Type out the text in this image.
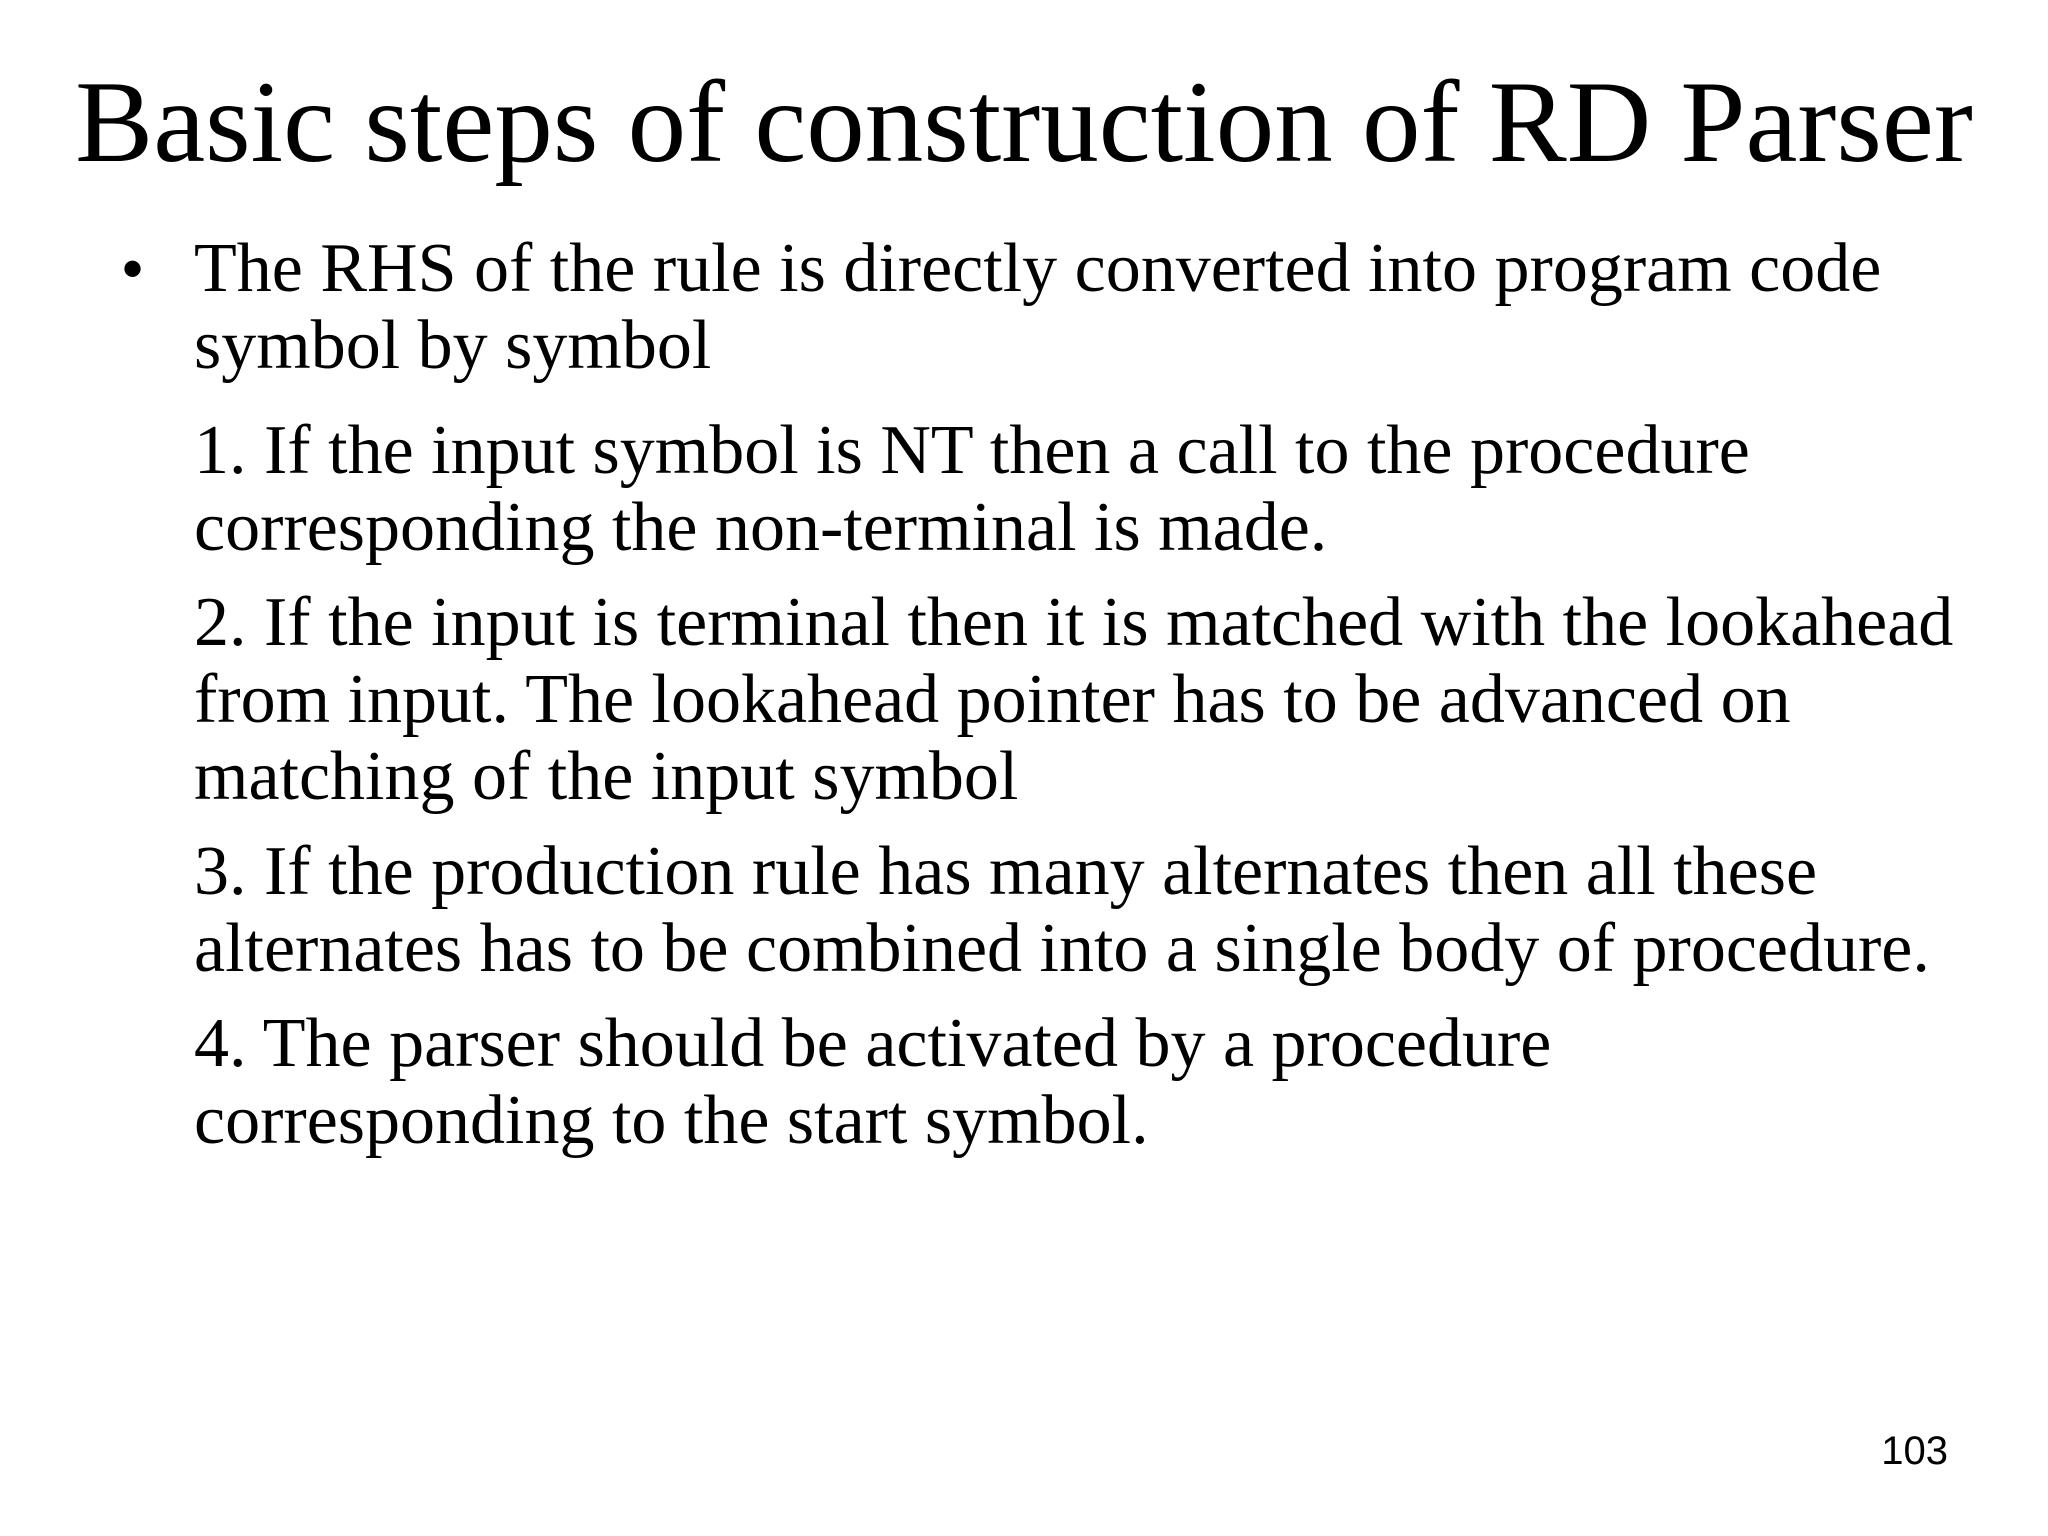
Basic steps of construction of RD Parser
• The RHS of the rule is directly converted into program code symbol by symbol

1. If the input symbol is NT then a call to the procedure corresponding the non-terminal is made.

2. If the input is terminal then it is matched with the lookahead from input. The lookahead pointer has to be advanced on matching of the input symbol

3. If the production rule has many alternates then all these alternates has to be combined into a single body of procedure.

4. The parser should be activated by a procedure corresponding to the start symbol.

103
